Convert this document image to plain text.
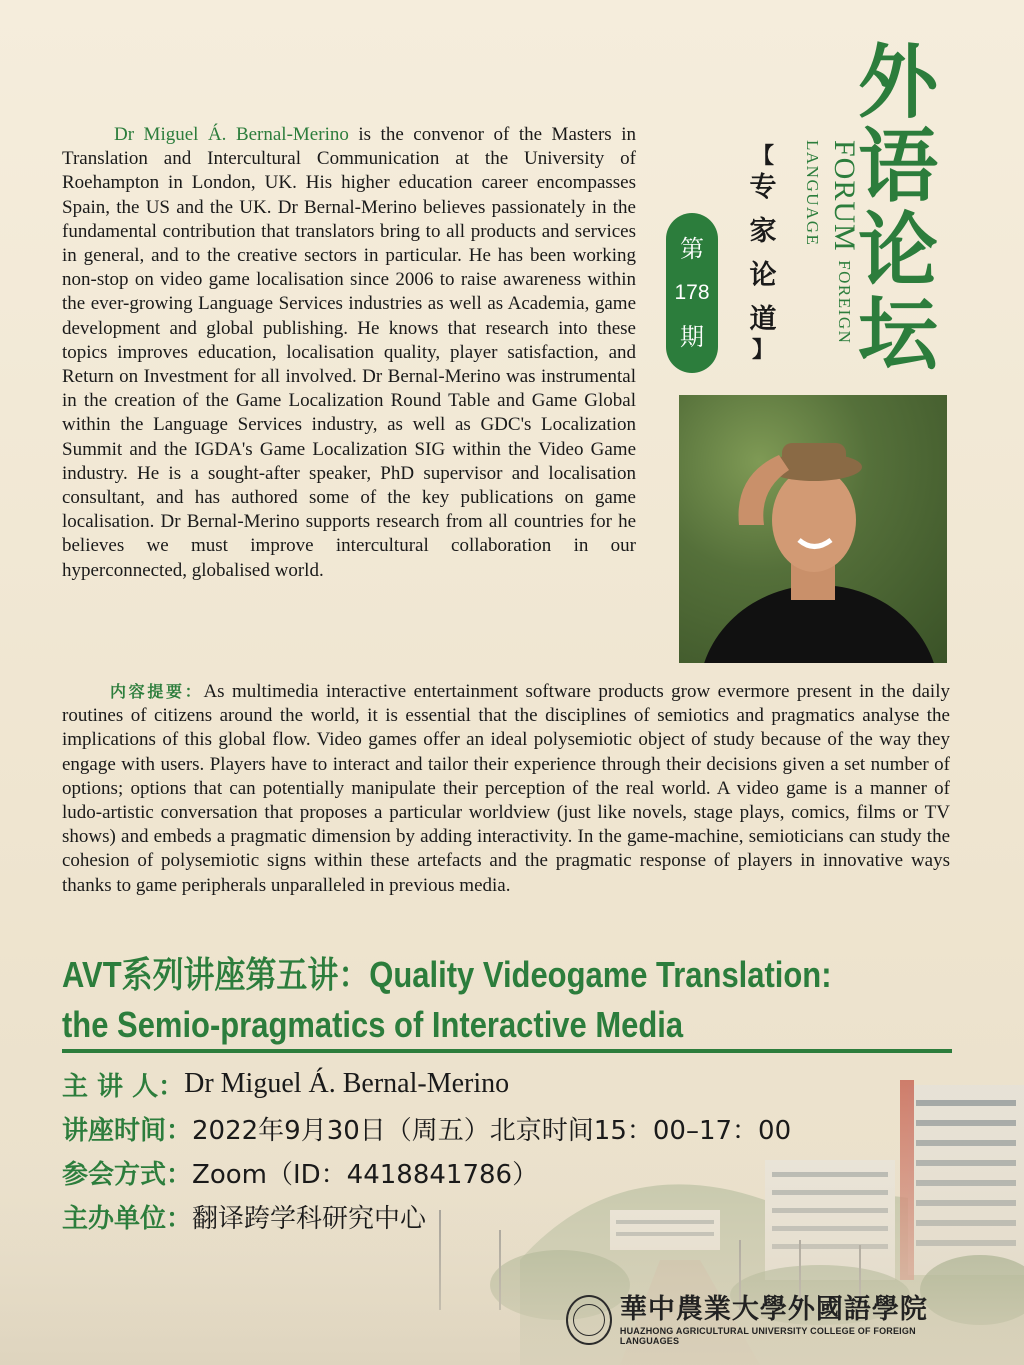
外
语
论
坛
FORUM FOREIGN LANGUAGE
【
专
家
论
道
】
第
178
期
Dr Miguel Á. Bernal-Merino is the convenor of the Masters in Translation and Intercultural Communication at the University of Roehampton in London, UK. His higher education career encompasses Spain, the US and the UK. Dr Bernal-Merino believes passionately in the fundamental contribution that translators bring to all products and services in general, and to the creative sectors in particular. He has been working non-stop on video game localisation since 2006 to raise awareness within the ever-growing Language Services industries as well as Academia, game development and global publishing. He knows that research into these topics improves education, localisation quality, player satisfaction, and Return on Investment for all involved. Dr Bernal-Merino was instrumental in the creation of the Game Localization Round Table and Game Global within the Language Services industry, as well as GDC's Localization Summit and the IGDA's Game Localization SIG within the Video Game industry. He is a sought-after speaker, PhD supervisor and localisation consultant, and has authored some of the key publications on game localisation. Dr Bernal-Merino supports research from all countries for he believes we must improve intercultural collaboration in our hyperconnected, globalised world.
内容提要：As multimedia interactive entertainment software products grow evermore present in the daily routines of citizens around the world, it is essential that the disciplines of semiotics and pragmatics analyse the implications of this global flow. Video games offer an ideal polysemiotic object of study because of the way they engage with users. Players have to interact and tailor their experience through their decisions given a set number of options; options that can potentially manipulate their perception of the real world. A video game is a manner of ludo-artistic conversation that proposes a particular worldview (just like novels, stage plays, comics, films or TV shows) and embeds a pragmatic dimension by adding interactivity. In the game-machine, semioticians can study the cohesion of polysemiotic signs within these artefacts and the pragmatic response of players in innovative ways thanks to game peripherals unparalleled in previous media.
AVT系列讲座第五讲：Quality Videogame Translation:
the Semio-pragmatics of Interactive Media
主 讲 人： Dr Miguel Á. Bernal-Merino
讲座时间： 2022年9月30日（周五）北京时间15：00–17：00
参会方式： Zoom（ID：4418841786）
主办单位： 翻译跨学科研究中心
華中農業大學外國語學院
HUAZHONG AGRICULTURAL UNIVERSITY COLLEGE OF FOREIGN LANGUAGES
